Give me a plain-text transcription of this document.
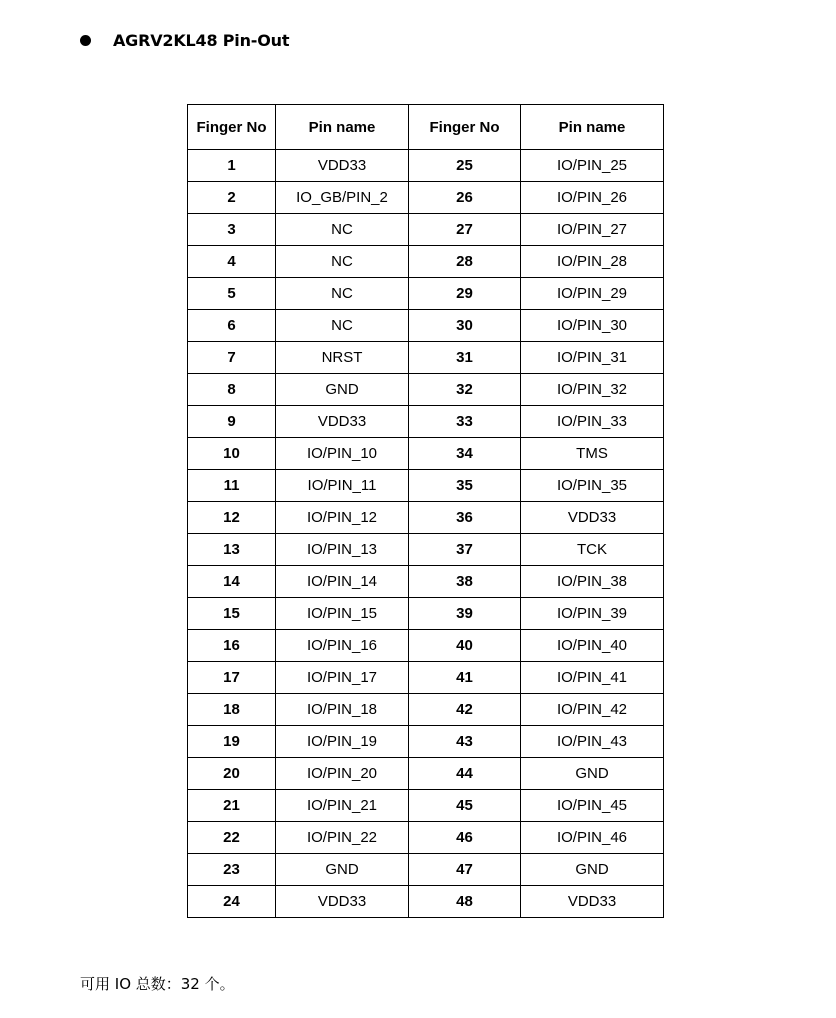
AGRV2KL48 Pin-Out
Finger No	Pin name	Finger No	Pin name
1	VDD33	25	IO/PIN_25
2	IO_GB/PIN_2	26	IO/PIN_26
3	NC	27	IO/PIN_27
4	NC	28	IO/PIN_28
5	NC	29	IO/PIN_29
6	NC	30	IO/PIN_30
7	NRST	31	IO/PIN_31
8	GND	32	IO/PIN_32
9	VDD33	33	IO/PIN_33
10	IO/PIN_10	34	TMS
11	IO/PIN_11	35	IO/PIN_35
12	IO/PIN_12	36	VDD33
13	IO/PIN_13	37	TCK
14	IO/PIN_14	38	IO/PIN_38
15	IO/PIN_15	39	IO/PIN_39
16	IO/PIN_16	40	IO/PIN_40
17	IO/PIN_17	41	IO/PIN_41
18	IO/PIN_18	42	IO/PIN_42
19	IO/PIN_19	43	IO/PIN_43
20	IO/PIN_20	44	GND
21	IO/PIN_21	45	IO/PIN_45
22	IO/PIN_22	46	IO/PIN_46
23	GND	47	GND
24	VDD33	48	VDD33
可用 IO 总数：32 个。
